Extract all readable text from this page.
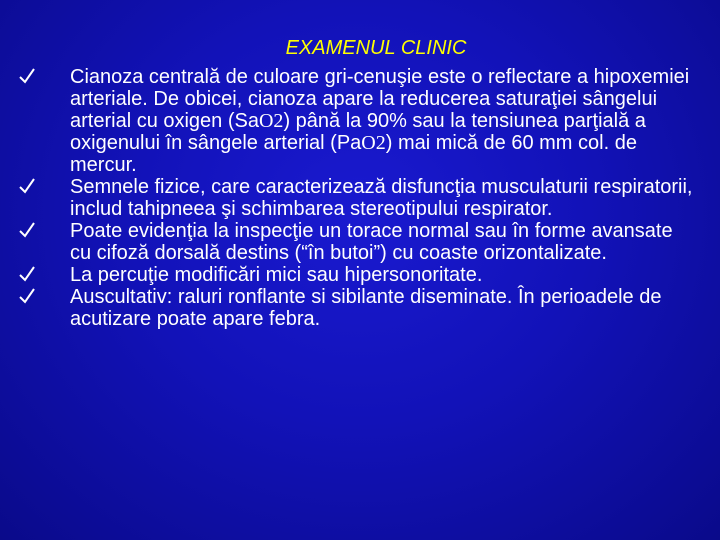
EXAMENUL CLINIC
Cianoza centrală de culoare gri-cenuşie este o reflectare a hipoxemiei arteriale. De obicei, cianoza apare la reducerea saturaţiei sângelui arterial cu oxigen (SaO2) până la 90% sau la tensiunea parţială a oxigenului în sângele arterial (PaO2) mai mică de 60 mm col. de mercur.
Semnele fizice, care caracterizează disfuncţia musculaturii respiratorii, includ tahipneea şi schimbarea stereotipului respirator.
Poate evidenţia la inspecţie un torace normal sau în forme avansate cu cifoză dorsală destins (“în butoi”) cu coaste orizontalizate.
La percuţie modificări mici sau hipersonoritate.
Auscultativ: raluri ronflante si sibilante diseminate. În perioadele de acutizare poate apare febra.
